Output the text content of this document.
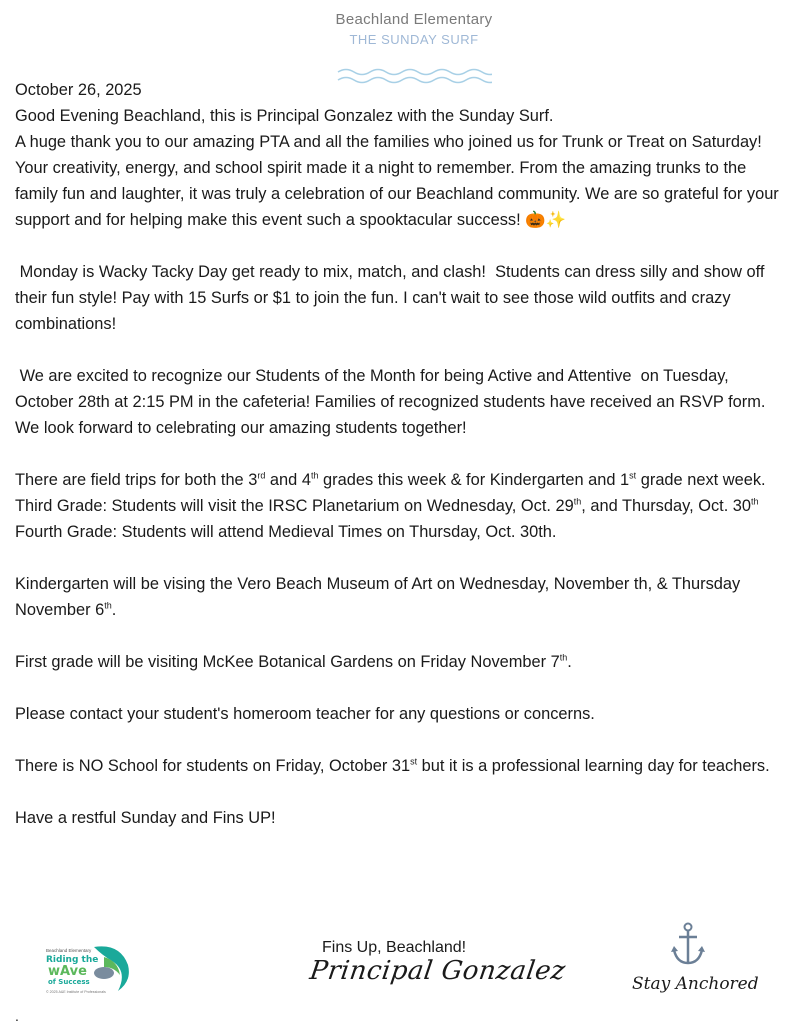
Beachland Elementary
THE SUNDAY SURF

October 26, 2025

Good Evening Beachland, this is Principal Gonzalez with the Sunday Surf.

A huge thank you to our amazing PTA and all the families who joined us for Trunk or Treat on Saturday! Your creativity, energy, and school spirit made it a night to remember. From the amazing trunks to the family fun and laughter, it was truly a celebration of our Beachland community. We are so grateful for your support and for helping make this event such a spooktacular success! 🎃✨

Monday is Wacky Tacky Day get ready to mix, match, and clash!  Students can dress silly and show off their fun style! Pay with 15 Surfs or $1 to join the fun. I can't wait to see those wild outfits and crazy combinations!

We are excited to recognize our Students of the Month for being Active and Attentive  on Tuesday, October 28th at 2:15 PM in the cafeteria! Families of recognized students have received an RSVP form. We look forward to celebrating our amazing students together!

There are field trips for both the 3rd and 4th grades this week & for Kindergarten and 1st grade next week.

Third Grade: Students will visit the IRSC Planetarium on Wednesday, Oct. 29th, and Thursday, Oct. 30th

Fourth Grade: Students will attend Medieval Times on Thursday, Oct. 30th.

Kindergarten will be vising the Vero Beach Museum of Art on Wednesday, November th, & Thursday November 6th.

First grade will be visiting McKee Botanical Gardens on Friday November 7th.

Please contact your student's homeroom teacher for any questions or concerns.

There is NO School for students on Friday, October 31st but it is a professional learning day for teachers.

Have a restful Sunday and Fins UP!

Beachland Elementary
Riding the
wAve
of Success
© 2025 A&E Institute of Professionals
Fins Up, Beachland!
Principal Gonzalez	Stay Anchored
.
